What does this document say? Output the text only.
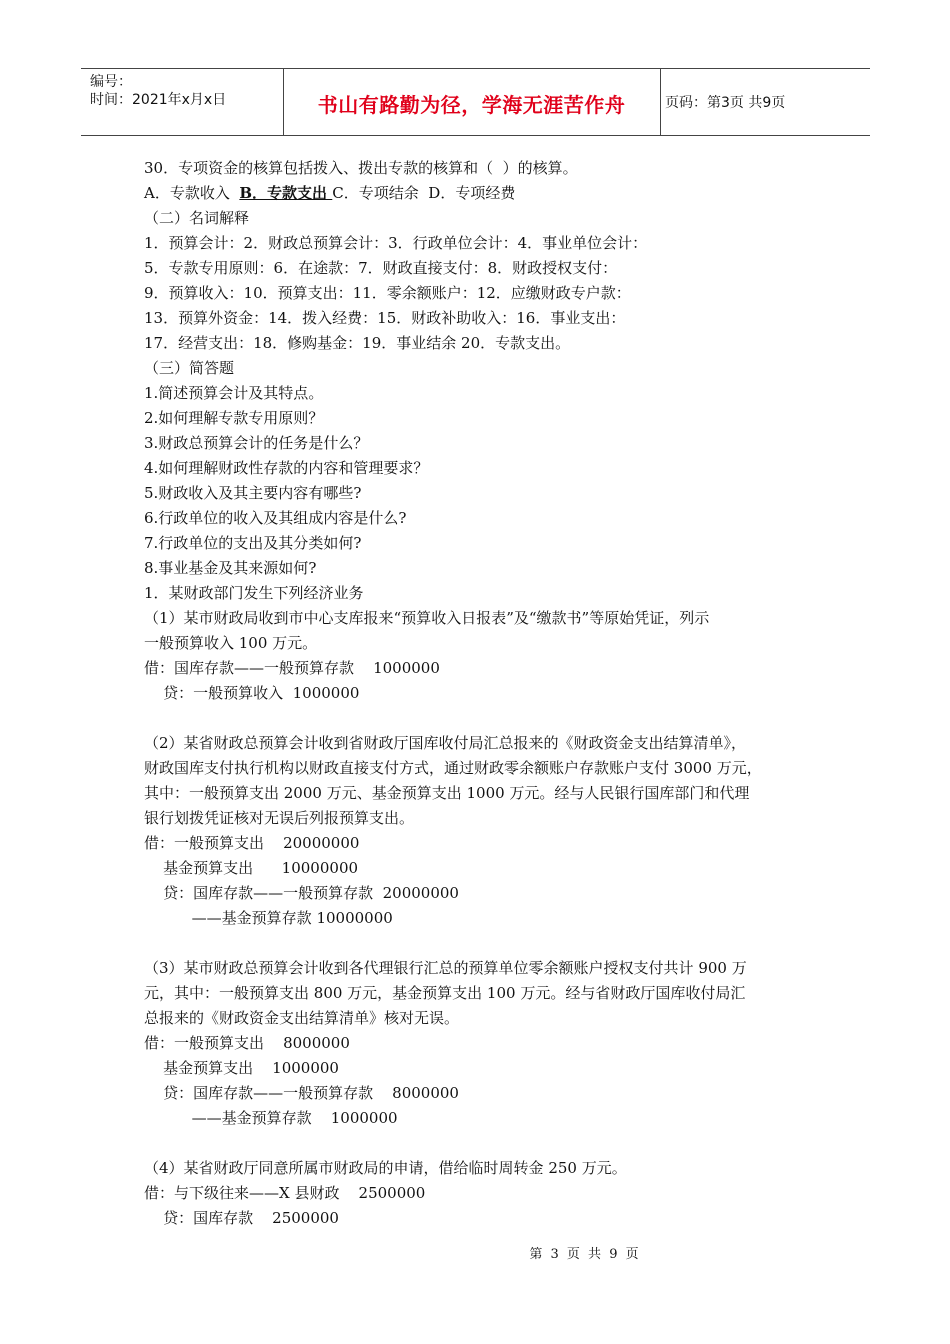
编号：
时间：2021年x月x日	书山有路勤为径，学海无涯苦作舟	页码：第3页 共9页
30．专项资金的核算包括拨入、拨出专款的核算和（  ）的核算。
A．专款收入  B．专款支出 C．专项结余  D．专项经费
（二）名词解释
1．预算会计：2．财政总预算会计：3．行政单位会计：4．事业单位会计：
5．专款专用原则：6．在途款：7．财政直接支付：8．财政授权支付：
9．预算收入：10．预算支出：11．零余额账户：12．应缴财政专户款：
13．预算外资金：14．拨入经费：15．财政补助收入：16．事业支出：
17．经营支出：18．修购基金：19．事业结余 20．专款支出。
（三）简答题
1.简述预算会计及其特点。
2.如何理解专款专用原则？
3.财政总预算会计的任务是什么？
4.如何理解财政性存款的内容和管理要求？
5.财政收入及其主要内容有哪些?
6.行政单位的收入及其组成内容是什么?
7.行政单位的支出及其分类如何?
8.事业基金及其来源如何?
1．某财政部门发生下列经济业务
（1）某市财政局收到市中心支库报来“预算收入日报表”及“缴款书”等原始凭证，列示
一般预算收入 100 万元。
借：国库存款——一般预算存款    1000000
贷：一般预算收入  1000000
（2）某省财政总预算会计收到省财政厅国库收付局汇总报来的《财政资金支出结算清单》，
财政国库支付执行机构以财政直接支付方式，通过财政零余额账户存款账户支付 3000 万元，
其中：一般预算支出 2000 万元、基金预算支出 1000 万元。经与人民银行国库部门和代理
银行划拨凭证核对无误后列报预算支出。
借：一般预算支出    20000000
基金预算支出      10000000
贷：国库存款——一般预算存款  20000000
——基金预算存款 10000000
（3）某市财政总预算会计收到各代理银行汇总的预算单位零余额账户授权支付共计 900 万
元，其中：一般预算支出 800 万元，基金预算支出 100 万元。经与省财政厅国库收付局汇
总报来的《财政资金支出结算清单》核对无误。
借：一般预算支出    8000000
基金预算支出    1000000
贷：国库存款——一般预算存款    8000000
——基金预算存款    1000000
（4）某省财政厅同意所属市财政局的申请，借给临时周转金 250 万元。
借：与下级往来——X 县财政    2500000
贷：国库存款    2500000
第 3 页 共 9 页
